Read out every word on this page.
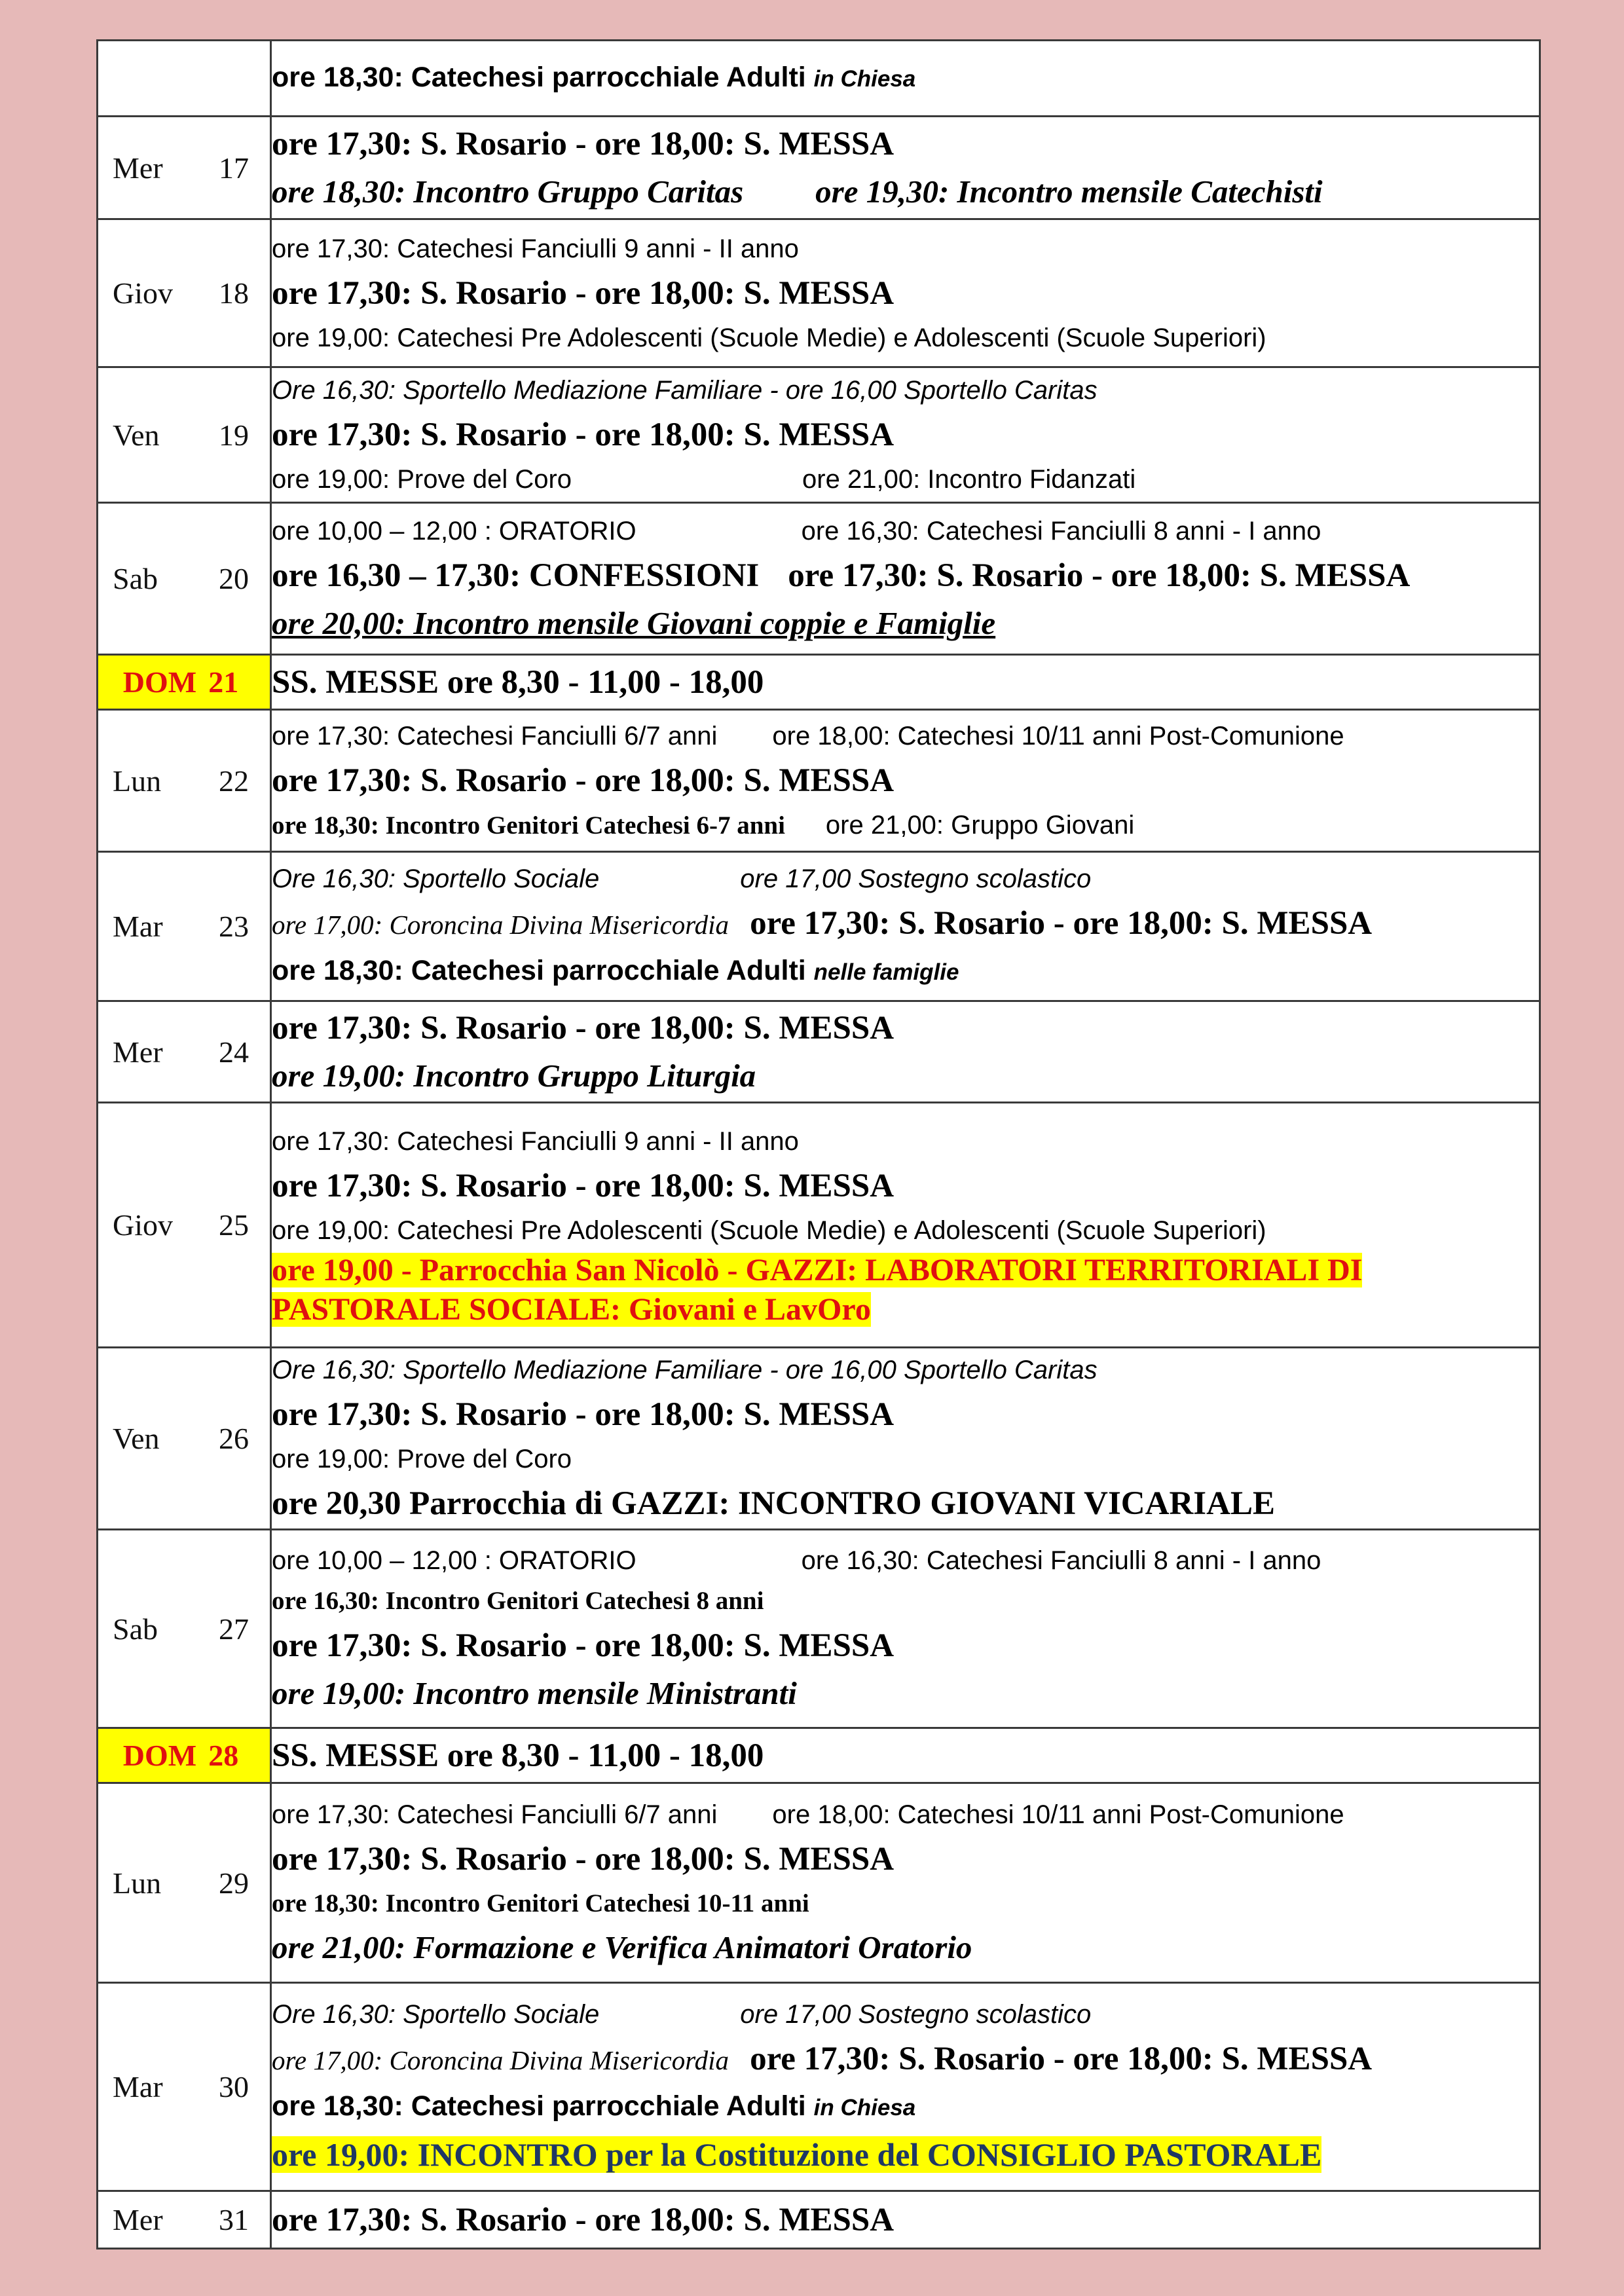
	ore 18,30: Catechesi parrocchiale Adulti in Chiesa

Mer 17	ore 17,30: S. Rosario - ore 18,00: S. MESSA
ore 18,30: Incontro Gruppo Caritas ore 19,30: Incontro mensile Catechisti

Giov 18	ore 17,30: Catechesi Fanciulli 9 anni - II anno
ore 17,30: S. Rosario - ore 18,00: S. MESSA
ore 19,00: Catechesi Pre Adolescenti (Scuole Medie) e Adolescenti (Scuole Superiori)

Ven 19	Ore 16,30: Sportello Mediazione Familiare - ore 16,00 Sportello Caritas
ore 17,30: S. Rosario - ore 18,00: S. MESSA
ore 19,00: Prove del Coro ore 21,00: Incontro Fidanzati

Sab 20	ore 10,00 – 12,00 : ORATORIO ore 16,30: Catechesi Fanciulli 8 anni - I anno
ore 16,30 – 17,30: CONFESSIONI ore 17,30: S. Rosario - ore 18,00: S. MESSA
ore 20,00: Incontro mensile Giovani coppie e Famiglie

DOM 21	SS. MESSE ore 8,30 - 11,00 - 18,00

Lun 22	ore 17,30: Catechesi Fanciulli 6/7 anni ore 18,00: Catechesi 10/11 anni Post-Comunione
ore 17,30: S. Rosario - ore 18,00: S. MESSA
ore 18,30: Incontro Genitori Catechesi 6-7 anni ore 21,00: Gruppo Giovani

Mar 23	Ore 16,30: Sportello Sociale ore 17,00 Sostegno scolastico
ore 17,00: Coroncina Divina Misericordia ore 17,30: S. Rosario - ore 18,00: S. MESSA
ore 18,30: Catechesi parrocchiale Adulti nelle famiglie

Mer 24	ore 17,30: S. Rosario - ore 18,00: S. MESSA
ore 19,00: Incontro Gruppo Liturgia

Giov 25	ore 17,30: Catechesi Fanciulli 9 anni - II anno
ore 17,30: S. Rosario - ore 18,00: S. MESSA
ore 19,00: Catechesi Pre Adolescenti (Scuole Medie) e Adolescenti (Scuole Superiori)
ore 19,00 - Parrocchia San Nicolò - GAZZI: LABORATORI TERRITORIALI DI
PASTORALE SOCIALE: Giovani e LavOro

Ven 26	Ore 16,30: Sportello Mediazione Familiare - ore 16,00 Sportello Caritas
ore 17,30: S. Rosario - ore 18,00: S. MESSA
ore 19,00: Prove del Coro
ore 20,30 Parrocchia di GAZZI: INCONTRO GIOVANI VICARIALE

Sab 27	ore 10,00 – 12,00 : ORATORIO ore 16,30: Catechesi Fanciulli 8 anni - I anno
ore 16,30: Incontro Genitori Catechesi 8 anni
ore 17,30: S. Rosario - ore 18,00: S. MESSA
ore 19,00: Incontro mensile Ministranti

DOM 28	SS. MESSE ore 8,30 - 11,00 - 18,00

Lun 29	ore 17,30: Catechesi Fanciulli 6/7 anni ore 18,00: Catechesi 10/11 anni Post-Comunione
ore 17,30: S. Rosario - ore 18,00: S. MESSA
ore 18,30: Incontro Genitori Catechesi 10-11 anni
ore 21,00: Formazione e Verifica Animatori Oratorio

Mar 30	Ore 16,30: Sportello Sociale ore 17,00 Sostegno scolastico
ore 17,00: Coroncina Divina Misericordia ore 17,30: S. Rosario - ore 18,00: S. MESSA
ore 18,30: Catechesi parrocchiale Adulti in Chiesa
ore 19,00: INCONTRO per la Costituzione del CONSIGLIO PASTORALE

Mer 31	ore 17,30: S. Rosario - ore 18,00: S. MESSA
